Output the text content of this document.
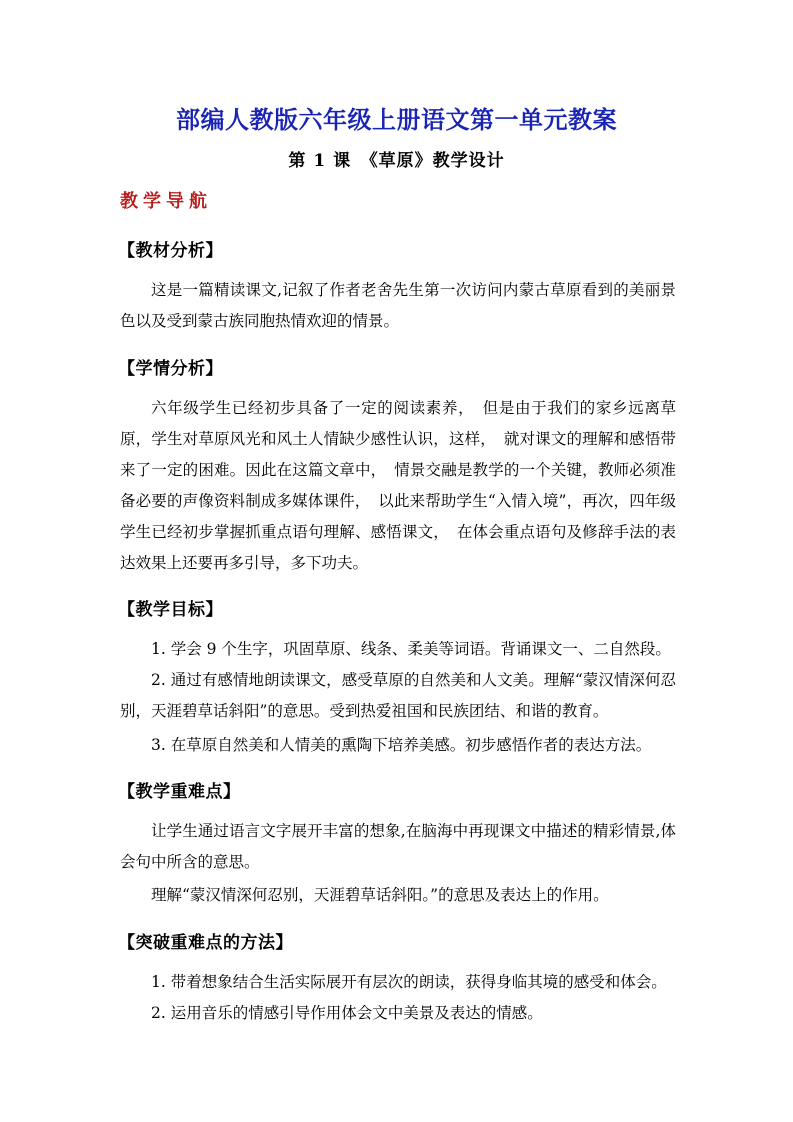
部编人教版六年级上册语文第一单元教案
第 1 课　《草原》教学设计
教学导航
【教材分析】
这是一篇精读课文,记叙了作者老舍先生第一次访问内蒙古草原看到的美丽景色以及受到蒙古族同胞热情欢迎的情景。
【学情分析】
六年级学生已经初步具备了一定的阅读素养，　但是由于我们的家乡远离草原，学生对草原风光和风土人情缺少感性认识，这样，　就对课文的理解和感悟带来了一定的困难。因此在这篇文章中，　情景交融是教学的一个关键，教师必须准备必要的声像资料制成多媒体课件，　以此来帮助学生“入情入境”，再次，四年级学生已经初步掌握抓重点语句理解、感悟课文，　在体会重点语句及修辞手法的表达效果上还要再多引导，多下功夫。
【教学目标】
1. 学会 9 个生字，巩固草原、线条、柔美等词语。背诵课文一、二自然段。
2. 通过有感情地朗读课文，感受草原的自然美和人文美。理解“蒙汉情深何忍别，天涯碧草话斜阳”的意思。受到热爱祖国和民族团结、和谐的教育。
3. 在草原自然美和人情美的熏陶下培养美感。初步感悟作者的表达方法。
【教学重难点】
让学生通过语言文字展开丰富的想象,在脑海中再现课文中描述的精彩情景,体会句中所含的意思。
理解“蒙汉情深何忍别，天涯碧草话斜阳。”的意思及表达上的作用。
【突破重难点的方法】
1. 带着想象结合生活实际展开有层次的朗读，获得身临其境的感受和体会。
2. 运用音乐的情感引导作用体会文中美景及表达的情感。
